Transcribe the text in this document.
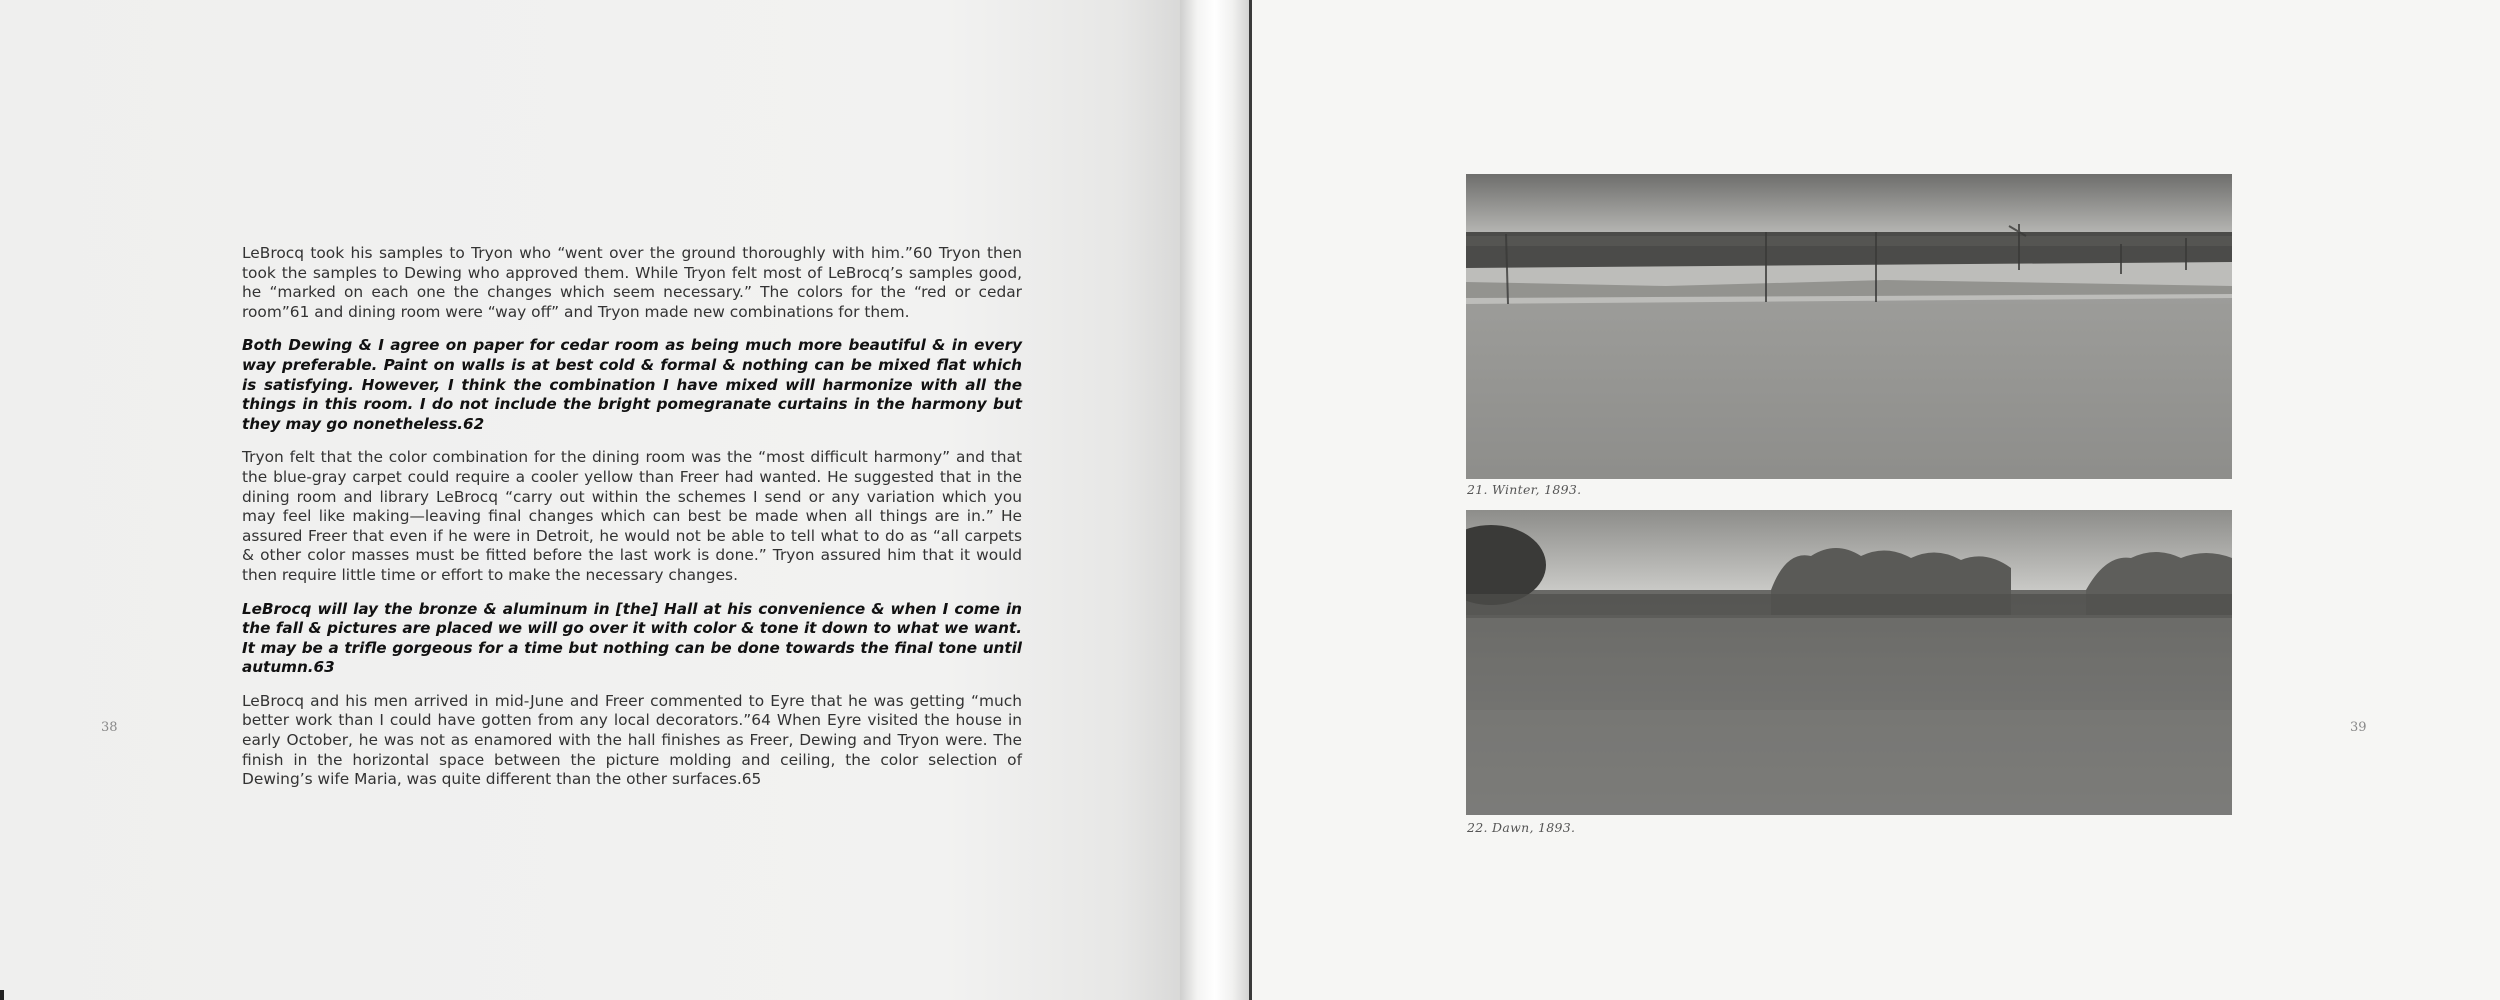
LeBrocq took his samples to Tryon who “went over the ground thoroughly with him.”60 Tryon then took the samples to Dewing who approved them. While Tryon felt most of LeBrocq’s samples good, he “marked on each one the changes which seem necessary.” The colors for the “red or cedar room”61 and dining room were “way off” and Tryon made new combinations for them.

Both Dewing & I agree on paper for cedar room as being much more beautiful & in every way preferable. Paint on walls is at best cold & formal & nothing can be mixed flat which is satisfying. However, I think the combination I have mixed will harmonize with all the things in this room. I do not include the bright pomegranate curtains in the harmony but they may go nonetheless.62

Tryon felt that the color combination for the dining room was the “most difficult harmony” and that the blue-gray carpet could require a cooler yellow than Freer had wanted. He suggested that in the dining room and library LeBrocq “carry out within the schemes I send or any variation which you may feel like making—leaving final changes which can best be made when all things are in.” He assured Freer that even if he were in Detroit, he would not be able to tell what to do as “all carpets & other color masses must be fitted before the last work is done.” Tryon assured him that it would then require little time or effort to make the necessary changes.

LeBrocq will lay the bronze & aluminum in [the] Hall at his convenience & when I come in the fall & pictures are placed we will go over it with color & tone it down to what we want. It may be a trifle gorgeous for a time but nothing can be done towards the final tone until autumn.63

LeBrocq and his men arrived in mid-June and Freer commented to Eyre that he was getting “much better work than I could have gotten from any local decorators.”64 When Eyre visited the house in early October, he was not as enamored with the hall finishes as Freer, Dewing and Tryon were. The finish in the horizontal space between the picture molding and ceiling, the color selection of Dewing’s wife Maria, was quite different than the other surfaces.65

38	39
21. Winter, 1893.
22. Dawn, 1893.
